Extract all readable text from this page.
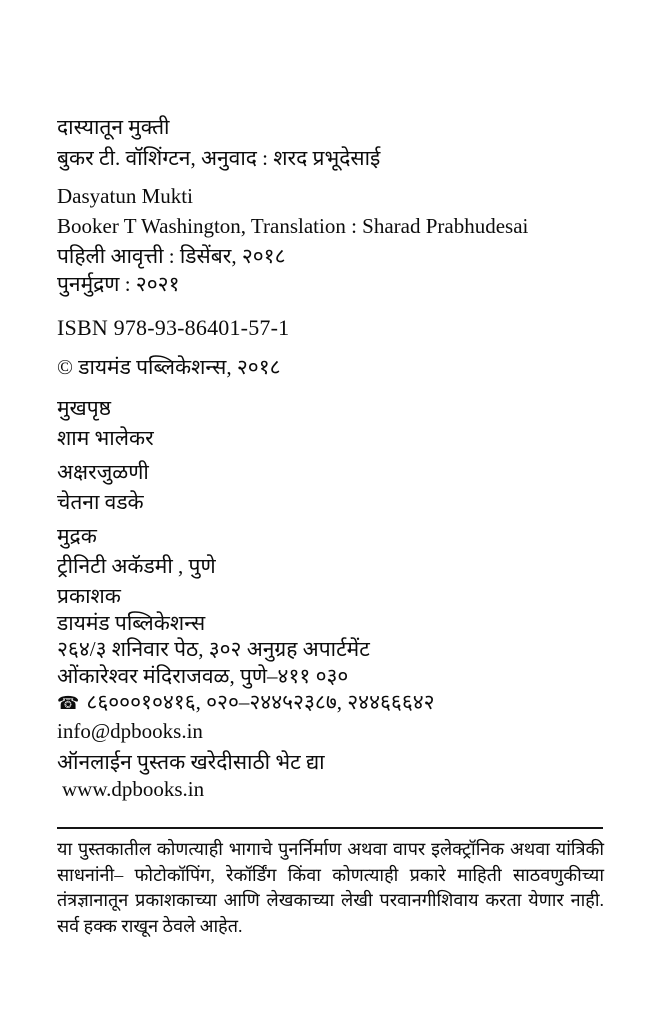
दास्यातून मुक्ती
बुकर टी. वॉशिंग्टन, अनुवाद : शरद प्रभूदेसाई
Dasyatun Mukti
Booker T Washington, Translation : Sharad Prabhudesai
पहिली आवृत्ती : डिसेंबर, २०१८
पुनर्मुद्रण : २०२१
ISBN 978-93-86401-57-1
© डायमंड पब्लिकेशन्स, २०१८
मुखपृष्ठ
शाम भालेकर
अक्षरजुळणी
चेतना वडके
मुद्रक
ट्रीनिटी अकॅडमी , पुणे
प्रकाशक
डायमंड पब्लिकेशन्स
२६४/३ शनिवार पेठ, ३०२ अनुग्रह अपार्टमेंट
ओंकारेश्वर मंदिराजवळ, पुणे–४११ ०३०
☎ ८६०००१०४१६, ०२०–२४४५२३८७, २४४६६६४२
info@dpbooks.in
ऑनलाईन पुस्तक खरेदीसाठी भेट द्या
www.dpbooks.in
या पुस्तकातील कोणत्याही भागाचे पुनर्निर्माण अथवा वापर इलेक्ट्रॉनिक अथवा यांत्रिकी साधनांनी– फोटोकॉपिंग, रेकॉर्डिंग किंवा कोणत्याही प्रकारे माहिती साठवणुकीच्या तंत्रज्ञानातून प्रकाशकाच्या आणि लेखकाच्या लेखी परवानगीशिवाय करता येणार नाही. सर्व हक्क राखून ठेवले आहेत.
